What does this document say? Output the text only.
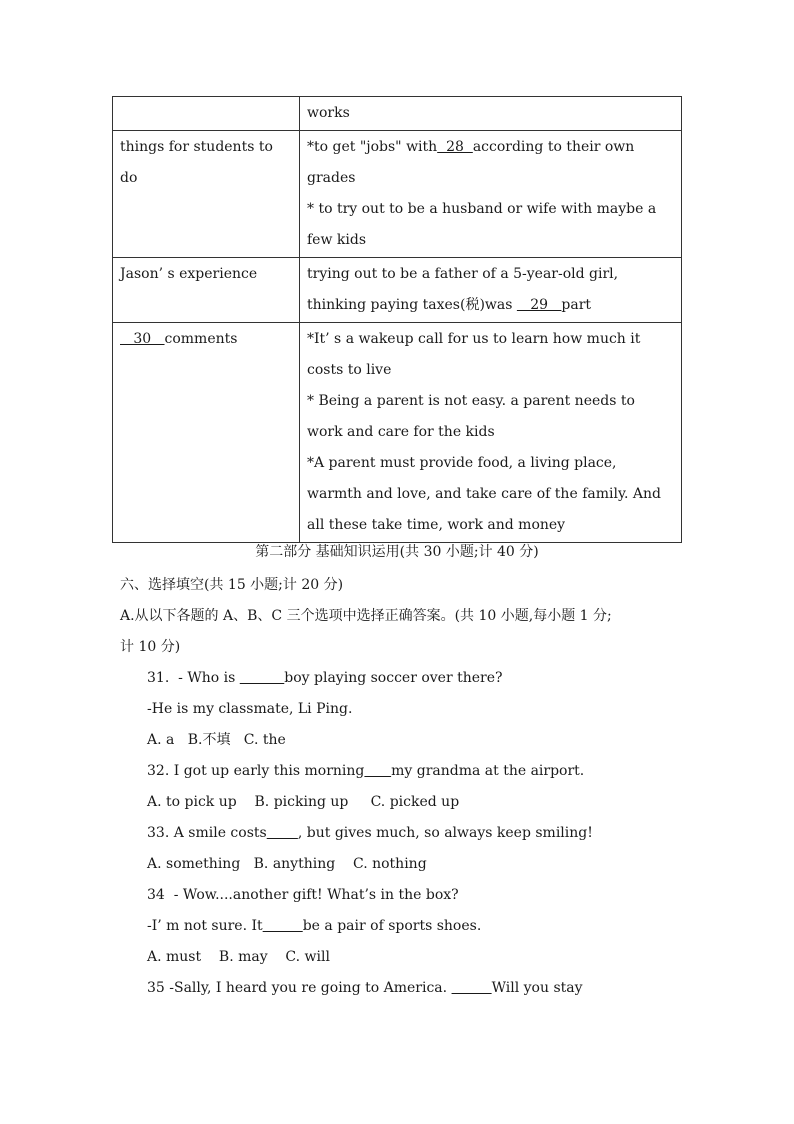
	works
things for students to do	*to get "jobs" with  28  according to their own grades
* to try out to be a husband or wife with maybe a few kids

Jason’ s experience	trying out to be a father of a 5-year-old girl, thinking paying taxes(税)was    29   part
30   comments	*It’ s a wakeup call for us to learn how much it costs to live
* Being a parent is not easy. a parent needs to work and care for the kids
*A parent must provide food, a living place, warmth and love, and take care of the family. And all these take time, work and money
第二部分 基础知识运用(共 30 小题;计 40 分)
六、选择填空(共 15 小题;计 20 分)
A.从以下各题的 A、B、C 三个选项中选择正确答案。(共 10 小题,每小题 1 分;
计 10 分)
31.  - Who is	boy playing soccer over there?
-He is my classmate, Li Ping.
A. a   B.不填   C. the
32. I got up early this morning my grandma at the airport.
A. to pick up    B. picking up     C. picked up
33. A smile costs , but gives much, so always keep smiling!
A. something   B. anything    C. nothing
34  - Wow....another gift! What’s in the box?
-I’ m not sure. It	be a pair of sports shoes.
A. must    B. may    C. will
35 -Sally, I heard you re going to America.	Will you stay
